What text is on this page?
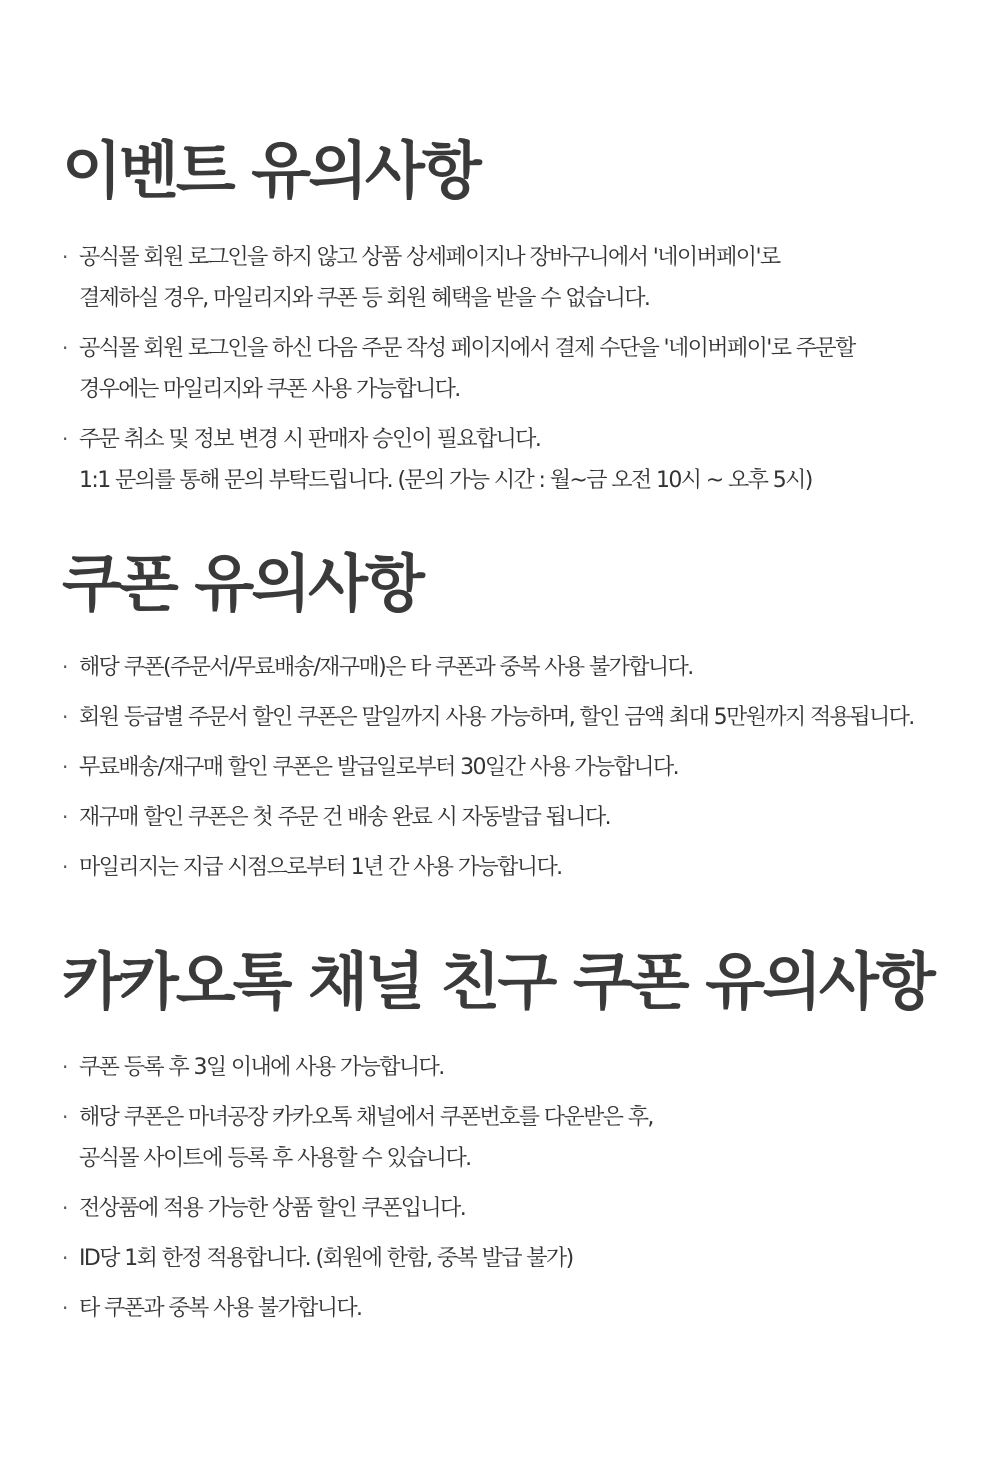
이벤트 유의사항
· 공식몰 회원 로그인을 하지 않고 상품 상세페이지나 장바구니에서 '네이버페이'로
결제하실 경우, 마일리지와 쿠폰 등 회원 혜택을 받을 수 없습니다.
· 공식몰 회원 로그인을 하신 다음 주문 작성 페이지에서 결제 수단을 '네이버페이'로 주문할
경우에는 마일리지와 쿠폰 사용 가능합니다.
· 주문 취소 및 정보 변경 시 판매자 승인이 필요합니다.
1:1 문의를 통해 문의 부탁드립니다. (문의 가능 시간 : 월~금 오전 10시 ~ 오후 5시)
쿠폰 유의사항
· 해당 쿠폰(주문서/무료배송/재구매)은 타 쿠폰과 중복 사용 불가합니다.
· 회원 등급별 주문서 할인 쿠폰은 말일까지 사용 가능하며, 할인 금액 최대 5만원까지 적용됩니다.
· 무료배송/재구매 할인 쿠폰은 발급일로부터 30일간 사용 가능합니다.
· 재구매 할인 쿠폰은 첫 주문 건 배송 완료 시 자동발급 됩니다.
· 마일리지는 지급 시점으로부터 1년 간 사용 가능합니다.
카카오톡 채널 친구 쿠폰 유의사항
· 쿠폰 등록 후 3일 이내에 사용 가능합니다.
· 해당 쿠폰은 마녀공장 카카오톡 채널에서 쿠폰번호를 다운받은 후,
공식몰 사이트에 등록 후 사용할 수 있습니다.
· 전상품에 적용 가능한 상품 할인 쿠폰입니다.
· ID당 1회 한정 적용합니다. (회원에 한함, 중복 발급 불가)
· 타 쿠폰과 중복 사용 불가합니다.
